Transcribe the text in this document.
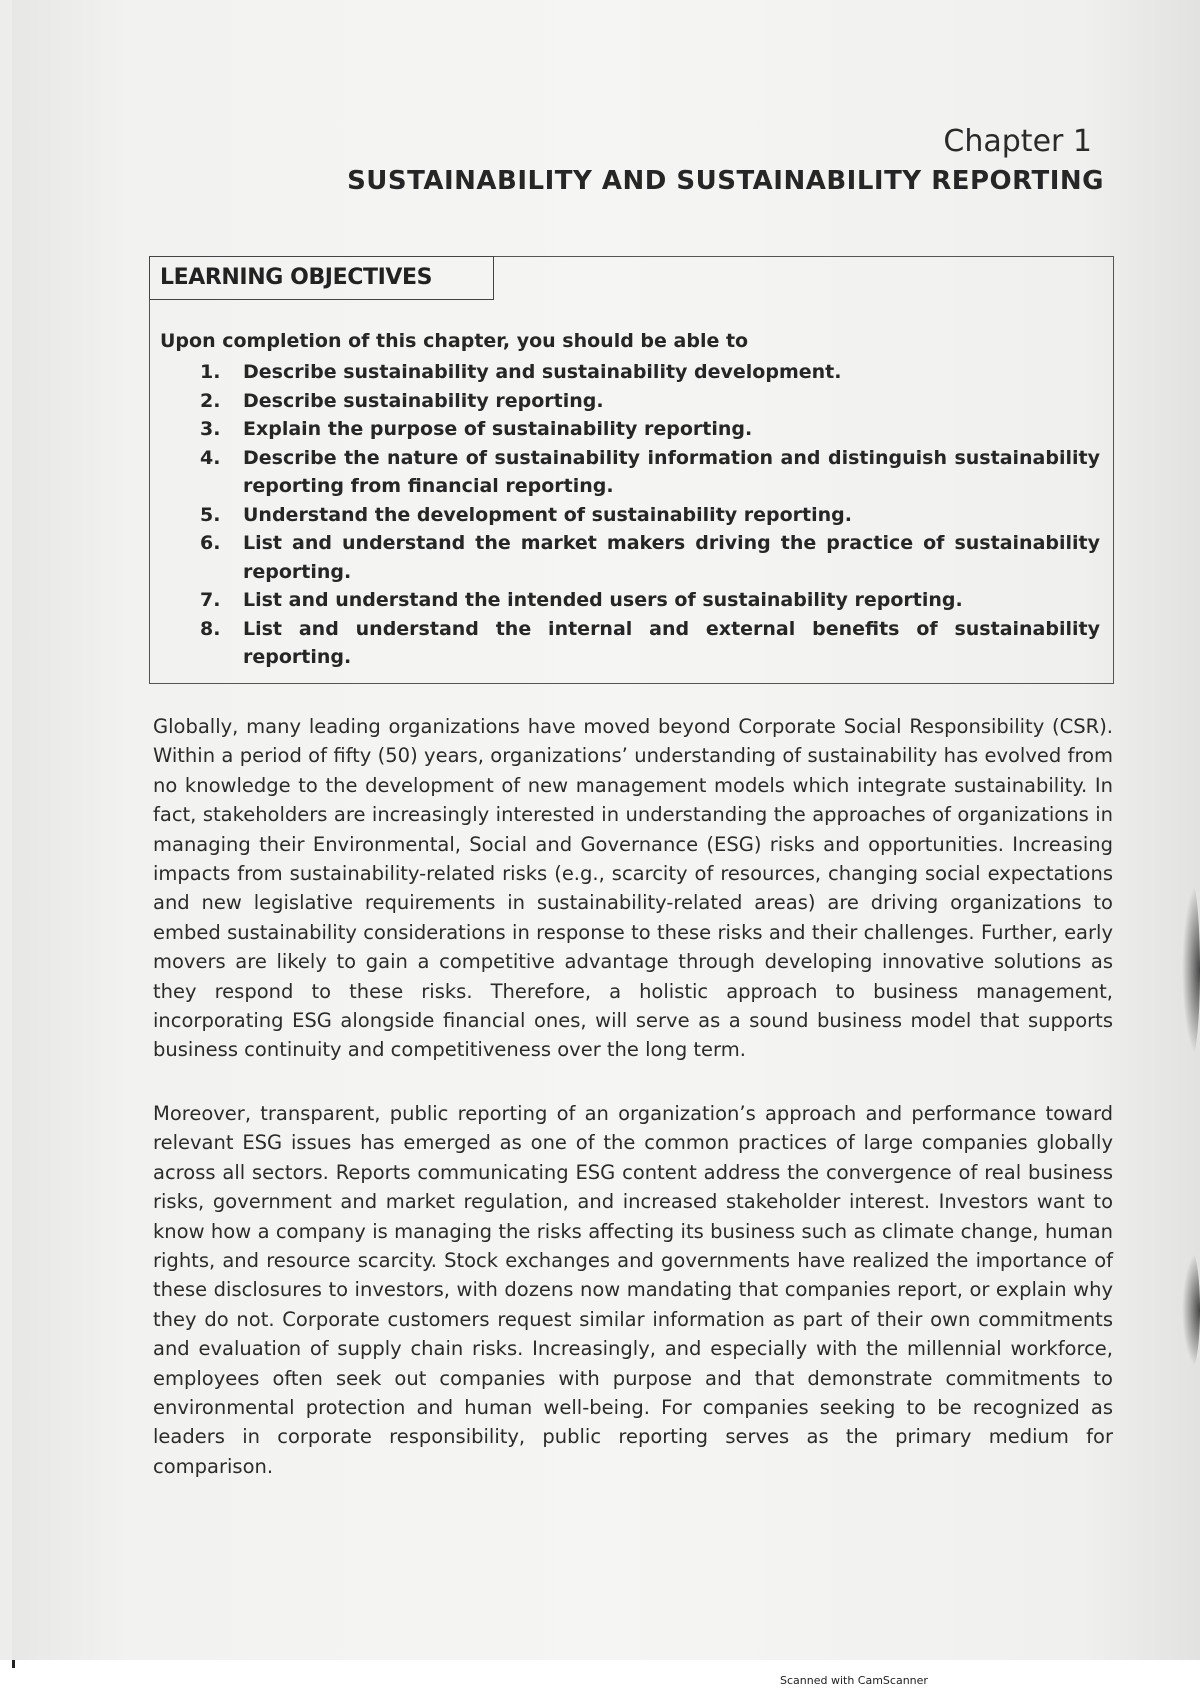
Chapter 1
SUSTAINABILITY AND SUSTAINABILITY REPORTING
LEARNING OBJECTIVES
Upon completion of this chapter, you should be able to
1. Describe sustainability and sustainability development.
2. Describe sustainability reporting.
3. Explain the purpose of sustainability reporting.
4. Describe the nature of sustainability information and distinguish sustainability reporting from financial reporting.
5. Understand the development of sustainability reporting.
6. List and understand the market makers driving the practice of sustainability reporting.
7. List and understand the intended users of sustainability reporting.
8. List and understand the internal and external benefits of sustainability reporting.

Globally, many leading organizations have moved beyond Corporate Social Responsibility (CSR). Within a period of fifty (50) years, organizations’ understanding of sustainability has evolved from no knowledge to the development of new management models which integrate sustainability. In fact, stakeholders are increasingly interested in understanding the approaches of organizations in managing their Environmental, Social and Governance (ESG) risks and opportunities. Increasing impacts from sustainability-related risks (e.g., scarcity of resources, changing social expectations and new legislative requirements in sustainability-related areas) are driving organizations to embed sustainability considerations in response to these risks and their challenges. Further, early movers are likely to gain a competitive advantage through developing innovative solutions as they respond to these risks. Therefore, a holistic approach to business management, incorporating ESG alongside financial ones, will serve as a sound business model that supports business continuity and competitiveness over the long term.

Moreover, transparent, public reporting of an organization’s approach and performance toward relevant ESG issues has emerged as one of the common practices of large companies globally across all sectors. Reports communicating ESG content address the convergence of real business risks, government and market regulation, and increased stakeholder interest. Investors want to know how a company is managing the risks affecting its business such as climate change, human rights, and resource scarcity. Stock exchanges and governments have realized the importance of these disclosures to investors, with dozens now mandating that companies report, or explain why they do not. Corporate customers request similar information as part of their own commitments and evaluation of supply chain risks. Increasingly, and especially with the millennial workforce, employees often seek out companies with purpose and that demonstrate commitments to environmental protection and human well-being. For companies seeking to be recognized as leaders in corporate responsibility, public reporting serves as the primary medium for comparison.

Scanned with CamScanner
